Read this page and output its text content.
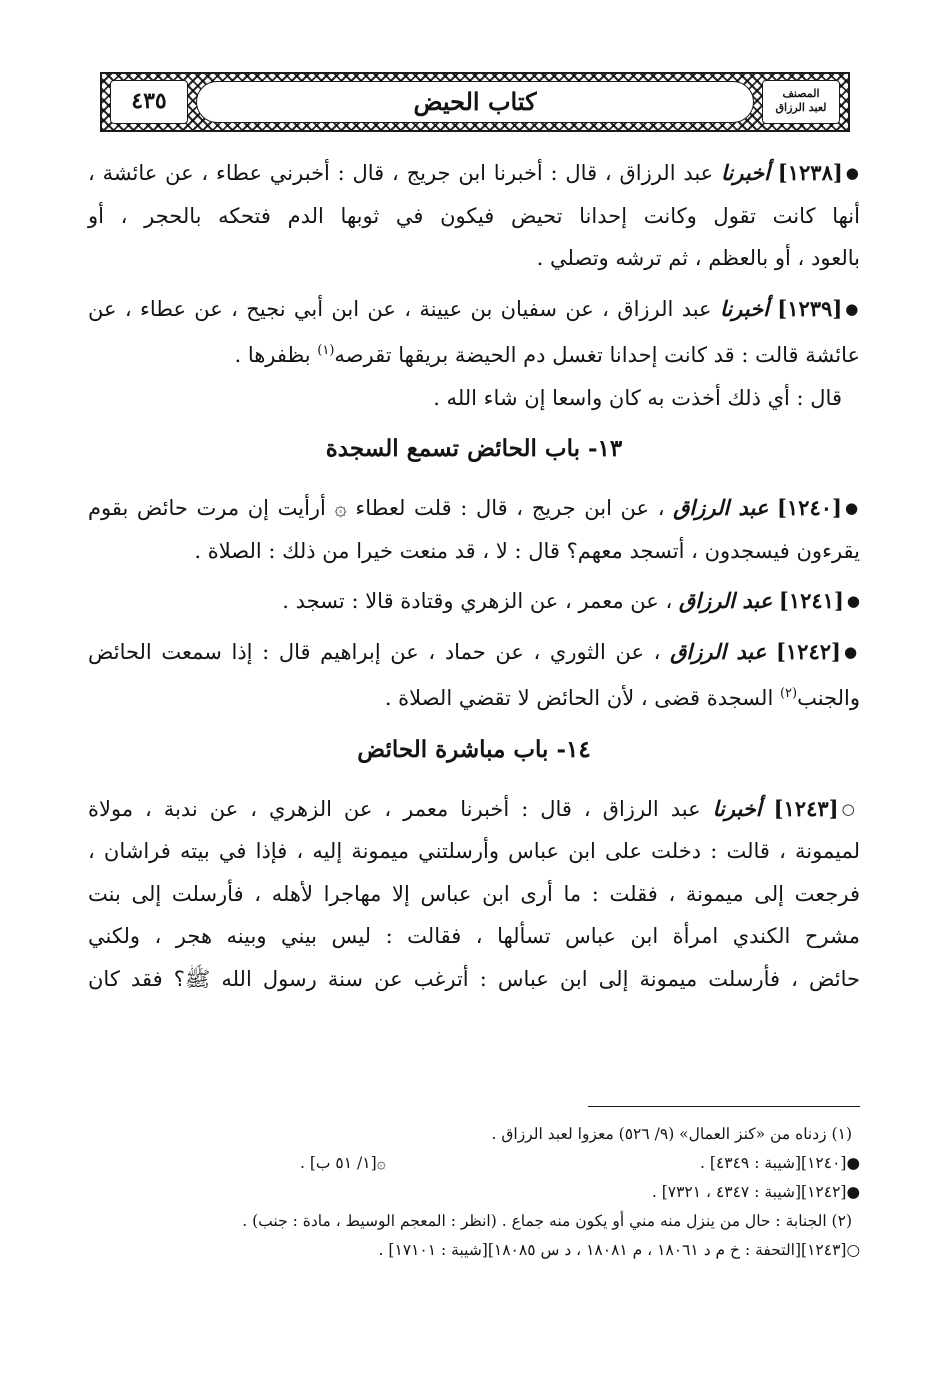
٤٣٥	كتاب الحيض	المصنف
لعبد الرزاق
●[١٢٣٨] أخبرنا عبد الرزاق ، قال : أخبرنا ابن جريج ، قال : أخبرني عطاء ، عن عائشة ،
أنها كانت تقول وكانت إحدانا تحيض فيكون في ثوبها الدم فتحكه بالحجر ، أو
بالعود ، أو بالعظم ، ثم ترشه وتصلي .
●[١٢٣٩] أخبرنا عبد الرزاق ، عن سفيان بن عيينة ، عن ابن أبي نجيح ، عن عطاء ، عن
عائشة قالت : قد كانت إحدانا تغسل دم الحيضة بريقها تقرصه$^{(١)}$ بظفرها .
قال : أي ذلك أخذت به كان واسعا إن شاء الله .
١٣- باب الحائض تسمع السجدة
●[١٢٤٠] عبد الرزاق ، عن ابن جريج ، قال : قلت لعطاء ۞ أرأيت إن مرت حائض بقوم
يقرءون فيسجدون ، أتسجد معهم؟ قال : لا ، قد منعت خيرا من ذلك : الصلاة .
●[١٢٤١] عبد الرزاق ، عن معمر ، عن الزهري وقتادة قالا : تسجد .
●[١٢٤٢] عبد الرزاق ، عن الثوري ، عن حماد ، عن إبراهيم قال : إذا سمعت الحائض
والجنب$^{(٢)}$ السجدة قضى ، لأن الحائض لا تقضي الصلاة .
١٤- باب مباشرة الحائض
○[١٢٤٣] أخبرنا عبد الرزاق ، قال : أخبرنا معمر ، عن الزهري ، عن ندبة ، مولاة
لميمونة ، قالت : دخلت على ابن عباس وأرسلتني ميمونة إليه ، فإذا في بيته فراشان ،
فرجعت إلى ميمونة ، فقلت : ما أرى ابن عباس إلا مهاجرا لأهله ، فأرسلت إلى بنت
مشرح الكندي امرأة ابن عباس تسألها ، فقالت : ليس بيني وبينه هجر ، ولكني
حائض ، فأرسلت ميمونة إلى ابن عباس : أترغب عن سنة رسول الله ﷺ؟ فقد كان
(١) زدناه من «كنز العمال» (٩/ ٥٢٦) معزوا لعبد الرزاق .
●[١٢٤٠][شيبة : ٤٣٤٩] .
۞[١/ ٥١ ب] .
●[١٢٤٢][شيبة : ٤٣٤٧ ، ٧٣٢١] .
(٢) الجنابة : حال من ينزل منه مني أو يكون منه جماع . (انظر : المعجم الوسيط ، مادة : جنب) .
○[١٢٤٣][التحفة : خ م د ١٨٠٦١ ، م ١٨٠٨١ ، د س ١٨٠٨٥][شيبة : ١٧١٠١] .
